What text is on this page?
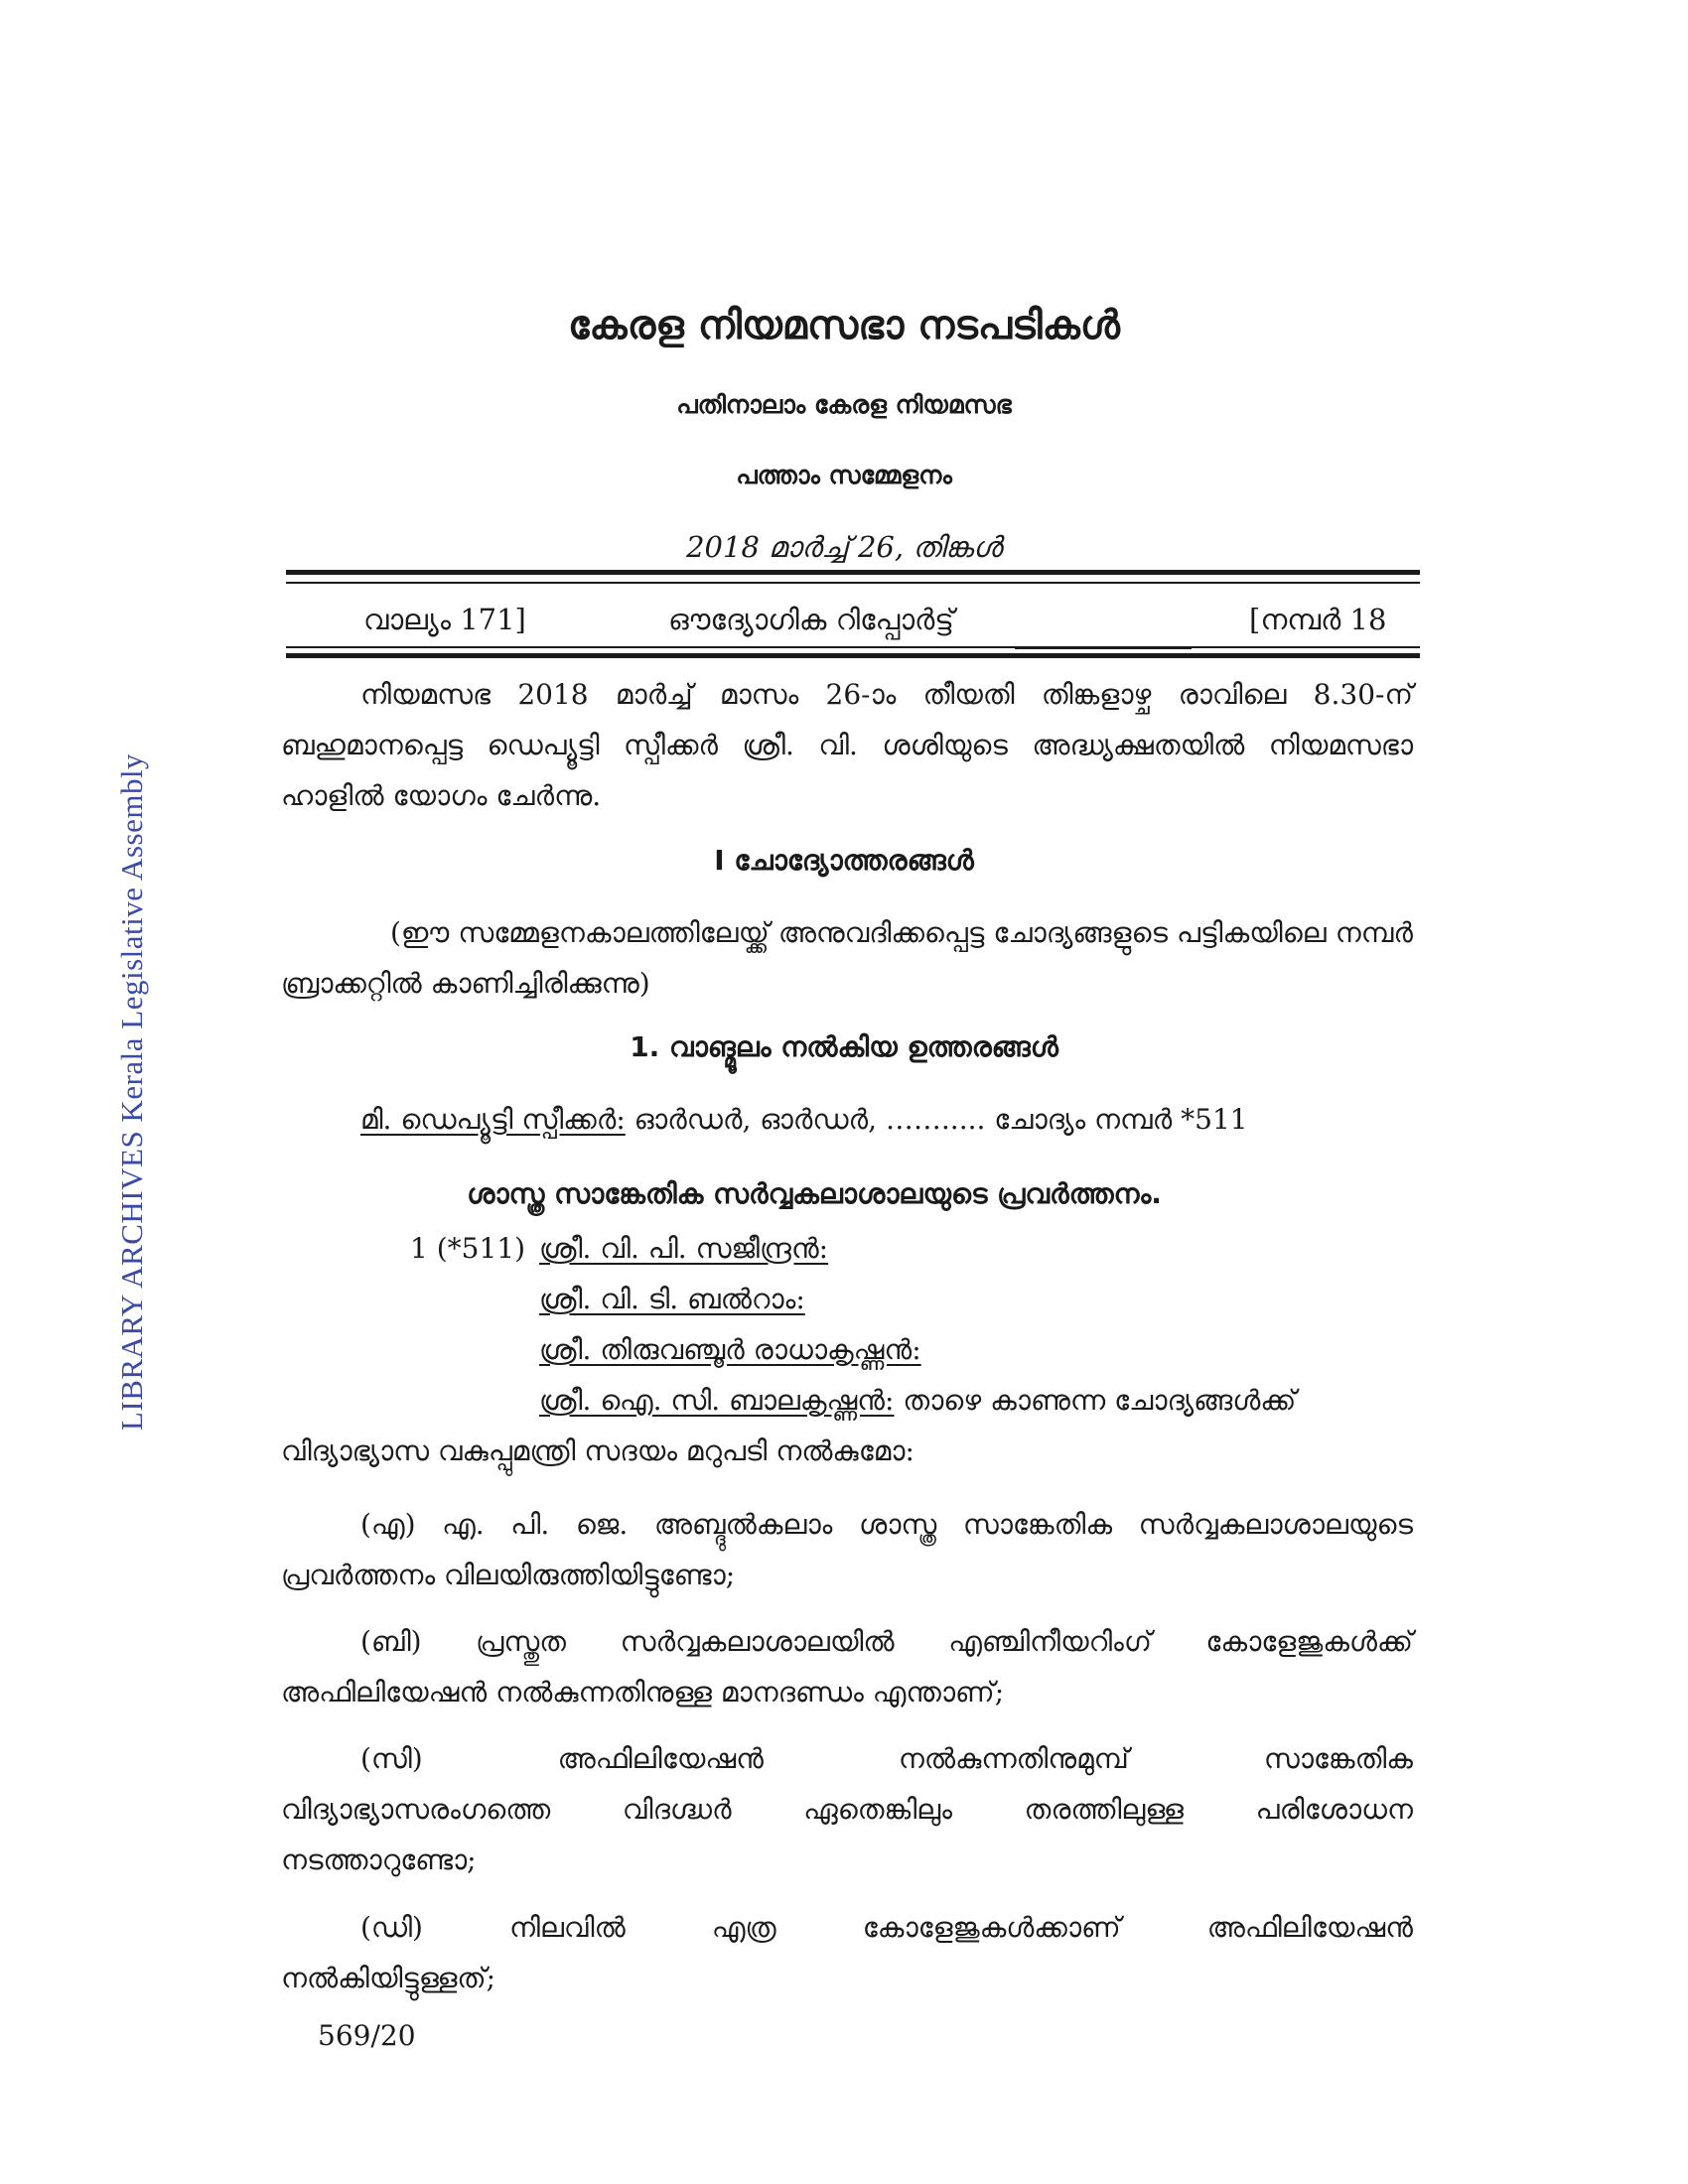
LIBRARY ARCHIVES Kerala Legislative Assembly
കേരള നിയമസഭാ നടപടികൾ
പതിനാലാം കേരള നിയമസഭ
പത്താം സമ്മേളനം
2018 മാർച്ച് 26, തിങ്കൾ
വാല്യം 171]	ഔദ്യോഗിക റിപ്പോർട്ട്	[നമ്പർ 18
നിയമസഭ 2018 മാർച്ച് മാസം 26-ാം തീയതി തിങ്കളാഴ്ച രാവിലെ 8.30-ന് ബഹുമാനപ്പെട്ട ഡെപ്യൂട്ടി സ്പീക്കർ ശ്രീ. വി. ശശിയുടെ അദ്ധ്യക്ഷതയിൽ നിയമസഭാ ഹാളിൽ യോഗം ചേർന്നു.
I ചോദ്യോത്തരങ്ങൾ
(ഈ സമ്മേളനകാലത്തിലേയ്ക്ക് അനുവദിക്കപ്പെട്ട ചോദ്യങ്ങളുടെ പട്ടികയിലെ നമ്പർ ബ്രാക്കറ്റിൽ കാണിച്ചിരിക്കുന്നു)
1. വാങ്മൂലം നൽകിയ ഉത്തരങ്ങൾ
മി. ഡെപ്യൂട്ടി സ്പീക്കർ: ഓർഡർ, ഓർഡർ, ……..... ചോദ്യം നമ്പർ *511
ശാസ്ത്ര സാങ്കേതിക സർവ്വകലാശാലയുടെ പ്രവർത്തനം.
1 (*511) ശ്രീ. വി. പി. സജീന്ദ്രൻ:
ശ്രീ. വി. ടി. ബൽറാം:
ശ്രീ. തിരുവഞ്ചൂർ രാധാകൃഷ്ണൻ:
ശ്രീ. ഐ. സി. ബാലകൃഷ്ണൻ: താഴെ കാണുന്ന ചോദ്യങ്ങൾക്ക്
വിദ്യാഭ്യാസ വകുപ്പുമന്ത്രി സദയം മറുപടി നൽകുമോ:
(എ) എ. പി. ജെ. അബ്ദുൽകലാം ശാസ്ത്ര സാങ്കേതിക സർവ്വകലാശാലയുടെ പ്രവർത്തനം വിലയിരുത്തിയിട്ടുണ്ടോ;
(ബി) പ്രസ്തുത സർവ്വകലാശാലയിൽ എഞ്ചിനീയറിംഗ് കോളേജുകൾക്ക് അഫിലിയേഷൻ നൽകുന്നതിനുള്ള മാനദണ്ഡം എന്താണ്;
(സി) അഫിലിയേഷൻ നൽകുന്നതിനുമുമ്പ് സാങ്കേതിക വിദ്യാഭ്യാസരംഗത്തെ വിദഗ്ദ്ധർ ഏതെങ്കിലും തരത്തിലുള്ള പരിശോധന നടത്താറുണ്ടോ;
(ഡി) നിലവിൽ എത്ര കോളേജുകൾക്കാണ് അഫിലിയേഷൻ നൽകിയിട്ടുള്ളത്;
569/20
